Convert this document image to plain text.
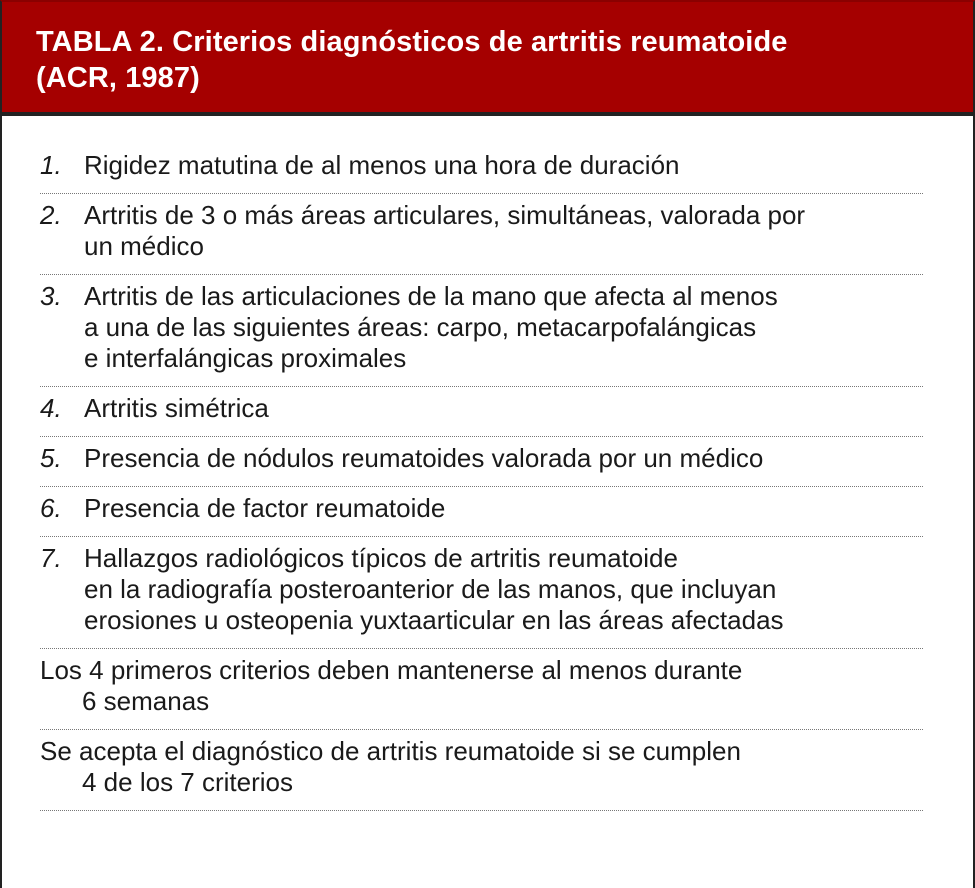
TABLA 2. Criterios diagnósticos de artritis reumatoide
(ACR, 1987)
1. Rigidez matutina de al menos una hora de duración
2. Artritis de 3 o más áreas articulares, simultáneas, valorada por
un médico
3. Artritis de las articulaciones de la mano que afecta al menos
a una de las siguientes áreas: carpo, metacarpofalángicas
e interfalángicas proximales
4. Artritis simétrica
5. Presencia de nódulos reumatoides valorada por un médico
6. Presencia de factor reumatoide
7. Hallazgos radiológicos típicos de artritis reumatoide
en la radiografía posteroanterior de las manos, que incluyan
erosiones u osteopenia yuxtaarticular en las áreas afectadas
Los 4 primeros criterios deben mantenerse al menos durante
6 semanas
Se acepta el diagnóstico de artritis reumatoide si se cumplen
4 de los 7 criterios
